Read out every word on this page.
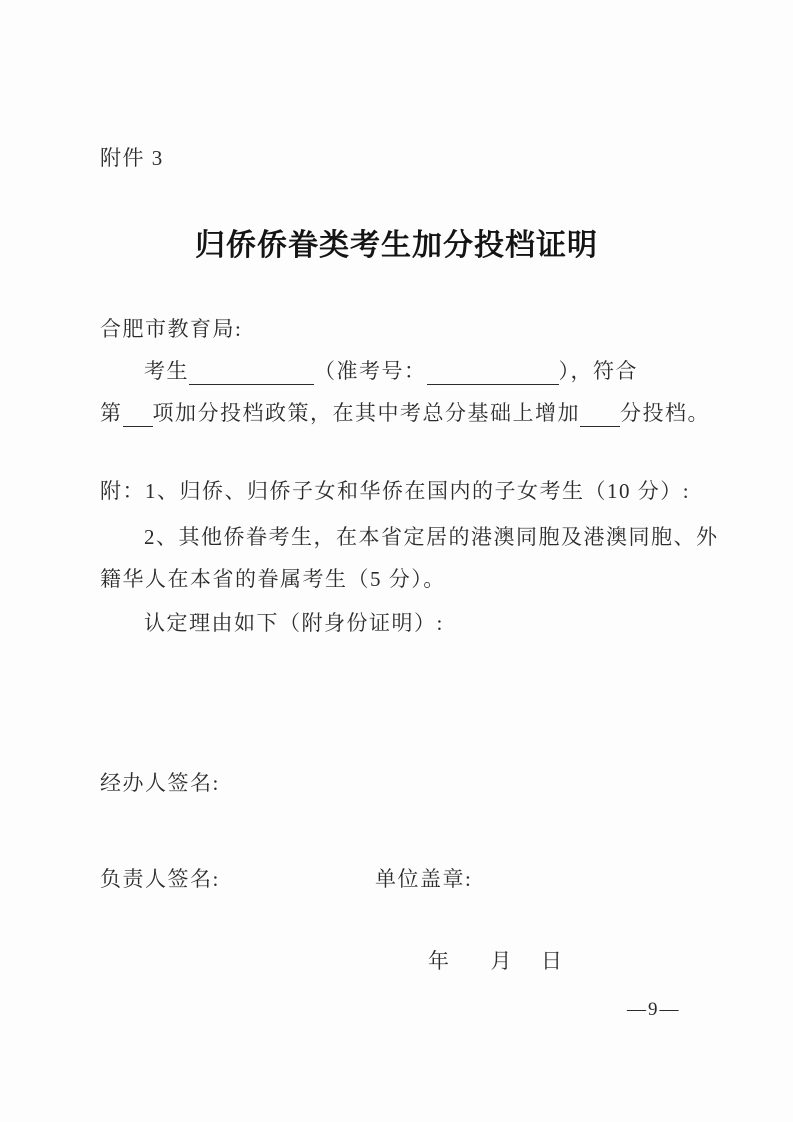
附件 3
归侨侨眷类考生加分投档证明
合肥市教育局:
考生	（准考号：	），符合
第 项加分投档政策，在其中考总分基础上增加 分投档。
附：1、归侨、归侨子女和华侨在国内的子女考生（10 分）:
2、其他侨眷考生，在本省定居的港澳同胞及港澳同胞、外
籍华人在本省的眷属考生（5 分）。
认定理由如下（附身份证明）:
经办人签名:
负责人签名:	单位盖章:
年 月 日
—9—
